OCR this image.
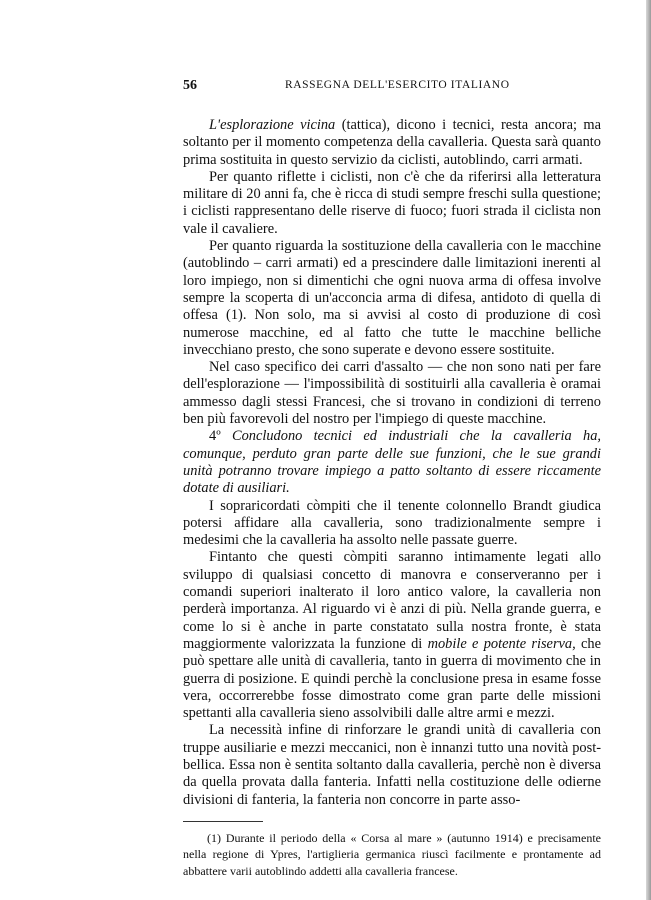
56	RASSEGNA DELL'ESERCITO ITALIANO

L'esplorazione vicina (tattica), dicono i tecnici, resta ancora; ma soltanto per il momento competenza della cavalleria. Questa sarà quanto prima sostituita in questo servizio da ciclisti, autoblindo, carri armati.

Per quanto riflette i ciclisti, non c'è che da riferirsi alla letteratura militare di 20 anni fa, che è ricca di studi sempre freschi sulla questione; i ciclisti rappresentano delle riserve di fuoco; fuori strada il ciclista non vale il cavaliere.

Per quanto riguarda la sostituzione della cavalleria con le macchine (autoblindo – carri armati) ed a prescindere dalle limitazioni inerenti al loro impiego, non si dimentichi che ogni nuova arma di offesa involve sempre la scoperta di un'acconcia arma di difesa, antidoto di quella di offesa (1). Non solo, ma si avvisi al costo di produzione di così numerose macchine, ed al fatto che tutte le macchine belliche invecchiano presto, che sono superate e devono essere sostituite.

Nel caso specifico dei carri d'assalto — che non sono nati per fare dell'esplorazione — l'impossibilità di sostituirli alla cavalleria è oramai ammesso dagli stessi Francesi, che si trovano in condizioni di terreno ben più favorevoli del nostro per l'impiego di queste macchine.

4º Concludono tecnici ed industriali che la cavalleria ha, comunque, perduto gran parte delle sue funzioni, che le sue grandi unità potranno trovare impiego a patto soltanto di essere riccamente dotate di ausiliari.

I sopraricordati còmpiti che il tenente colonnello Brandt giudica potersi affidare alla cavalleria, sono tradizionalmente sempre i medesimi che la cavalleria ha assolto nelle passate guerre.

Fintanto che questi còmpiti saranno intimamente legati allo sviluppo di qualsiasi concetto di manovra e conserveranno per i comandi superiori inalterato il loro antico valore, la cavalleria non perderà importanza. Al riguardo vi è anzi di più. Nella grande guerra, e come lo si è anche in parte constatato sulla nostra fronte, è stata maggiormente valorizzata la funzione di mobile e potente riserva, che può spettare alle unità di cavalleria, tanto in guerra di movimento che in guerra di posizione. E quindi perchè la conclusione presa in esame fosse vera, occorrerebbe fosse dimostrato come gran parte delle missioni spettanti alla cavalleria sieno assolvibili dalle altre armi e mezzi.

La necessità infine di rinforzare le grandi unità di cavalleria con truppe ausiliarie e mezzi meccanici, non è innanzi tutto una novità post-bellica. Essa non è sentita soltanto dalla cavalleria, perchè non è diversa da quella provata dalla fanteria. Infatti nella costituzione delle odierne divisioni di fanteria, la fanteria non concorre in parte asso-

(1) Durante il periodo della « Corsa al mare » (autunno 1914) e precisamente nella regione di Ypres, l'artiglieria germanica riuscì facilmente e prontamente ad abbattere varii autoblindo addetti alla cavalleria francese.
